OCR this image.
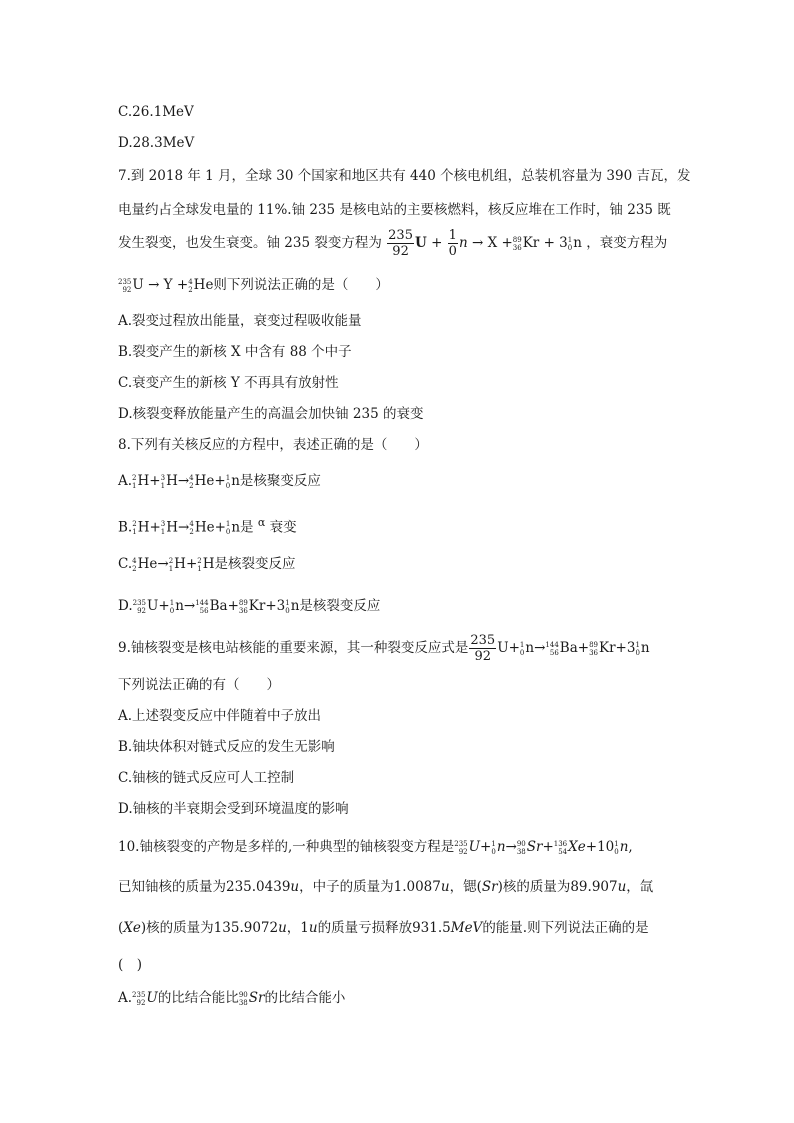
C.26.1MeV
D.28.3MeV
7.到 2018 年 1 月，全球 30 个国家和地区共有 440 个核电机组，总装机容量为 390 吉瓦，发
电量约占全球发电量的 11%.铀 235 是核电站的主要核燃料，核反应堆在工作时，铀 235 既
发生裂变，也发生衰变。铀 235 裂变方程为 $\frac{235}{92}$ $U + \frac{1}{0}$ n → X + 89
36 Kr + 3 1
0 n ，衰变方程为
235
92 U → Y + 4
2 He则下列说法正确的是（　　）
A.裂变过程放出能量，衰变过程吸收能量
B.裂变产生的新核 X 中含有 88 个中子
C.衰变产生的新核 Y 不再具有放射性
D.核裂变释放能量产生的高温会加快铀 235 的衰变
8.下列有关核反应的方程中，表述正确的是（　　）
A. 2
1 H+ 3
1 H→ 4
2 He+ 1
0 n是核聚变反应
B. 2
1 H+ 3
1 H→ 4
2 He+ 1
0 n是 $^\alpha$ 衰变
C. 4
2 He→ 2
1 H+ 2
1 H是核裂变反应
D. 235
92 U+ 1
0 n→ 144
56 Ba+ 89
36 Kr+3 1
0 n是核裂变反应
9.铀核裂变是核电站核能的重要来源，其一种裂变反应式是 $\frac{235}{92} U+ 1$
0 n→ 144
56 Ba+ 89
36 Kr+3 1
0 n
下列说法正确的有（　　）
A.上述裂变反应中伴随着中子放出
B.铀块体积对链式反应的发生无影响
C.铀核的链式反应可人工控制
D.铀核的半衰期会受到环境温度的影响
10.铀核裂变的产物是多样的,一种典型的铀核裂变方程是 235
92 U+ 1
0 n→ 90
38 Sr+ 136
54 Xe+10 1
0 n,
已知铀核的质量为235.0439u，中子的质量为1.0087u，锶(Sr)核的质量为89.907u，氙
(Xe)核的质量为135.9072u，1u的质量亏损释放931.5MeV的能量.则下列说法正确的是
(　)
A. 235
92 U的比结合能比 90
38 Sr的比结合能小
